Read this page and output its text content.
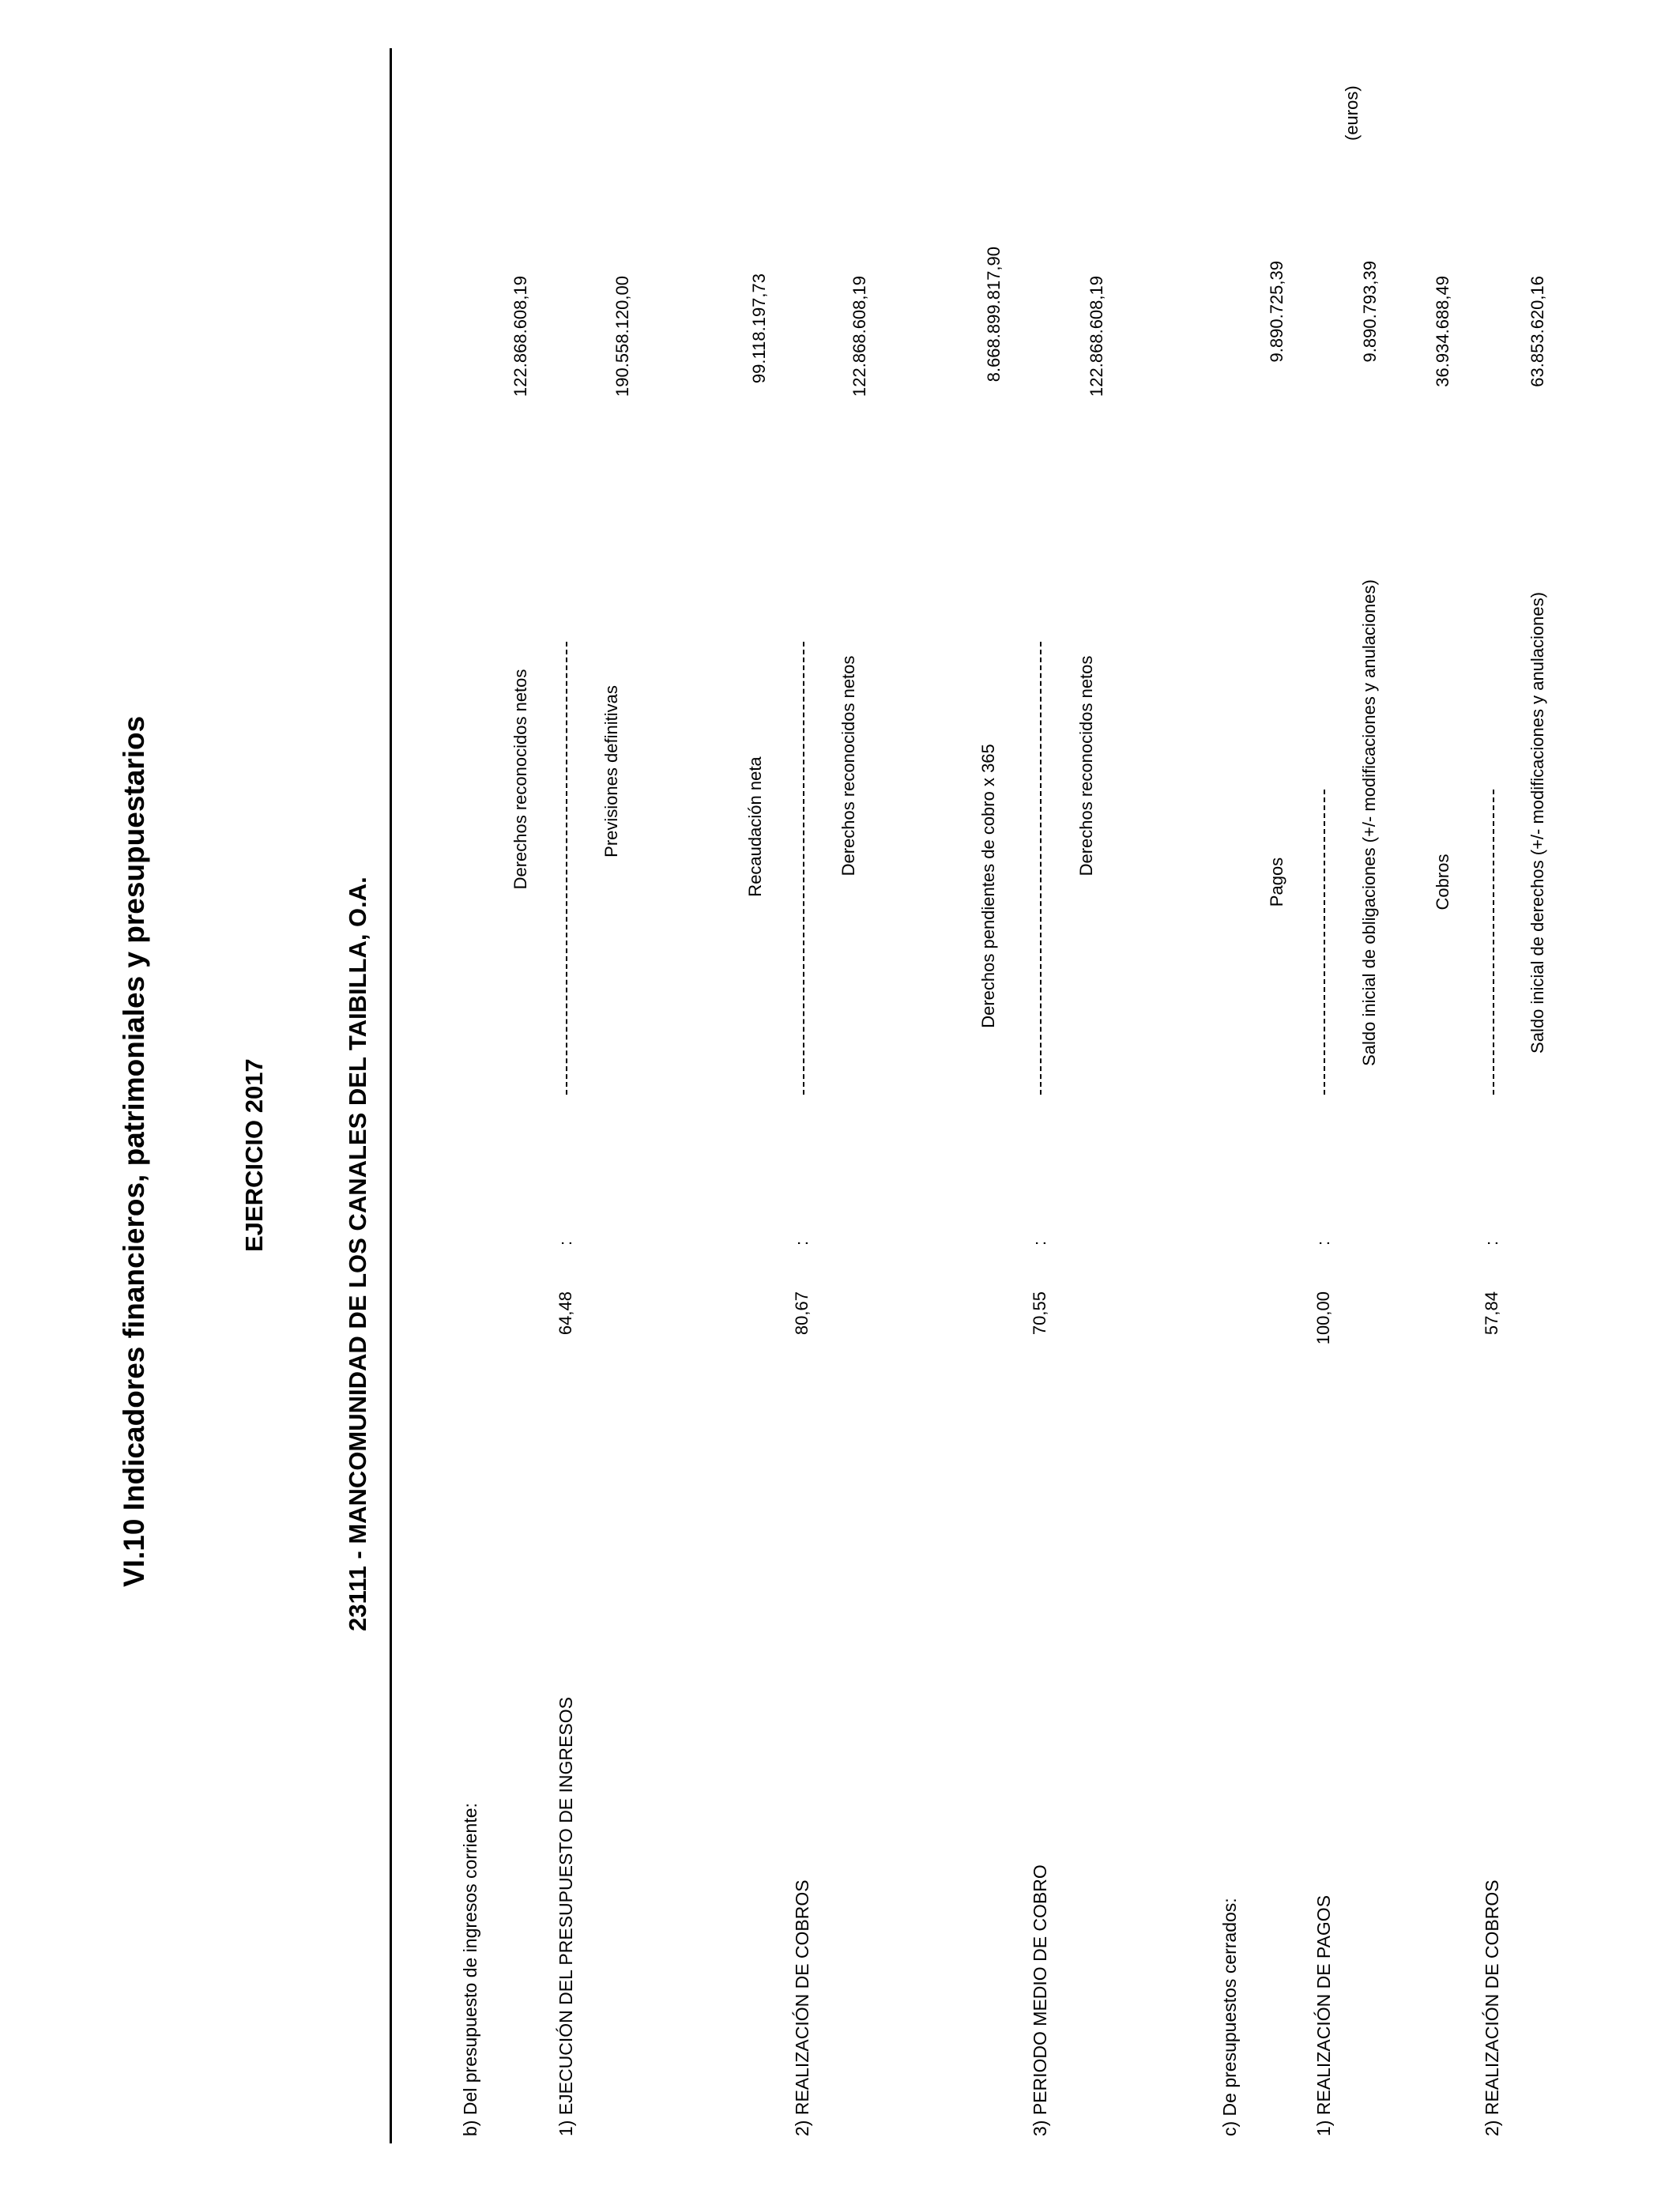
VI.10 Indicadores financieros, patrimoniales y presupuestarios	EJERCICIO 2017	23111 - MANCOMUNIDAD DE LOS CANALES DEL TAIBILLA, O.A.
(euros)
b) Del presupuesto de ingresos corriente:	1) EJECUCIÓN DEL PRESUPUESTO DE INGRESOS
64,48
:
Derechos reconocidos netos	Previsiones definitivas
122.868.608,19	190.558.120,00
2) REALIZACIÓN DE COBROS
80,67
:
Recaudación neta	Derechos reconocidos netos
99.118.197,73	122.868.608,19
3) PERIODO MEDIO DE COBRO
70,55
:
Derechos pendientes de cobro x 365	Derechos reconocidos netos
8.668.899.817,90	122.868.608,19
c) De presupuestos cerrados:	1) REALIZACIÓN DE PAGOS
100,00
:
Pagos	Saldo inicial de obligaciones (+/- modificaciones y anulaciones)
9.890.725,39	9.890.793,39
2) REALIZACIÓN DE COBROS
57,84
:
Cobros	Saldo inicial de derechos (+/- modificaciones y anulaciones)
36.934.688,49	63.853.620,16
